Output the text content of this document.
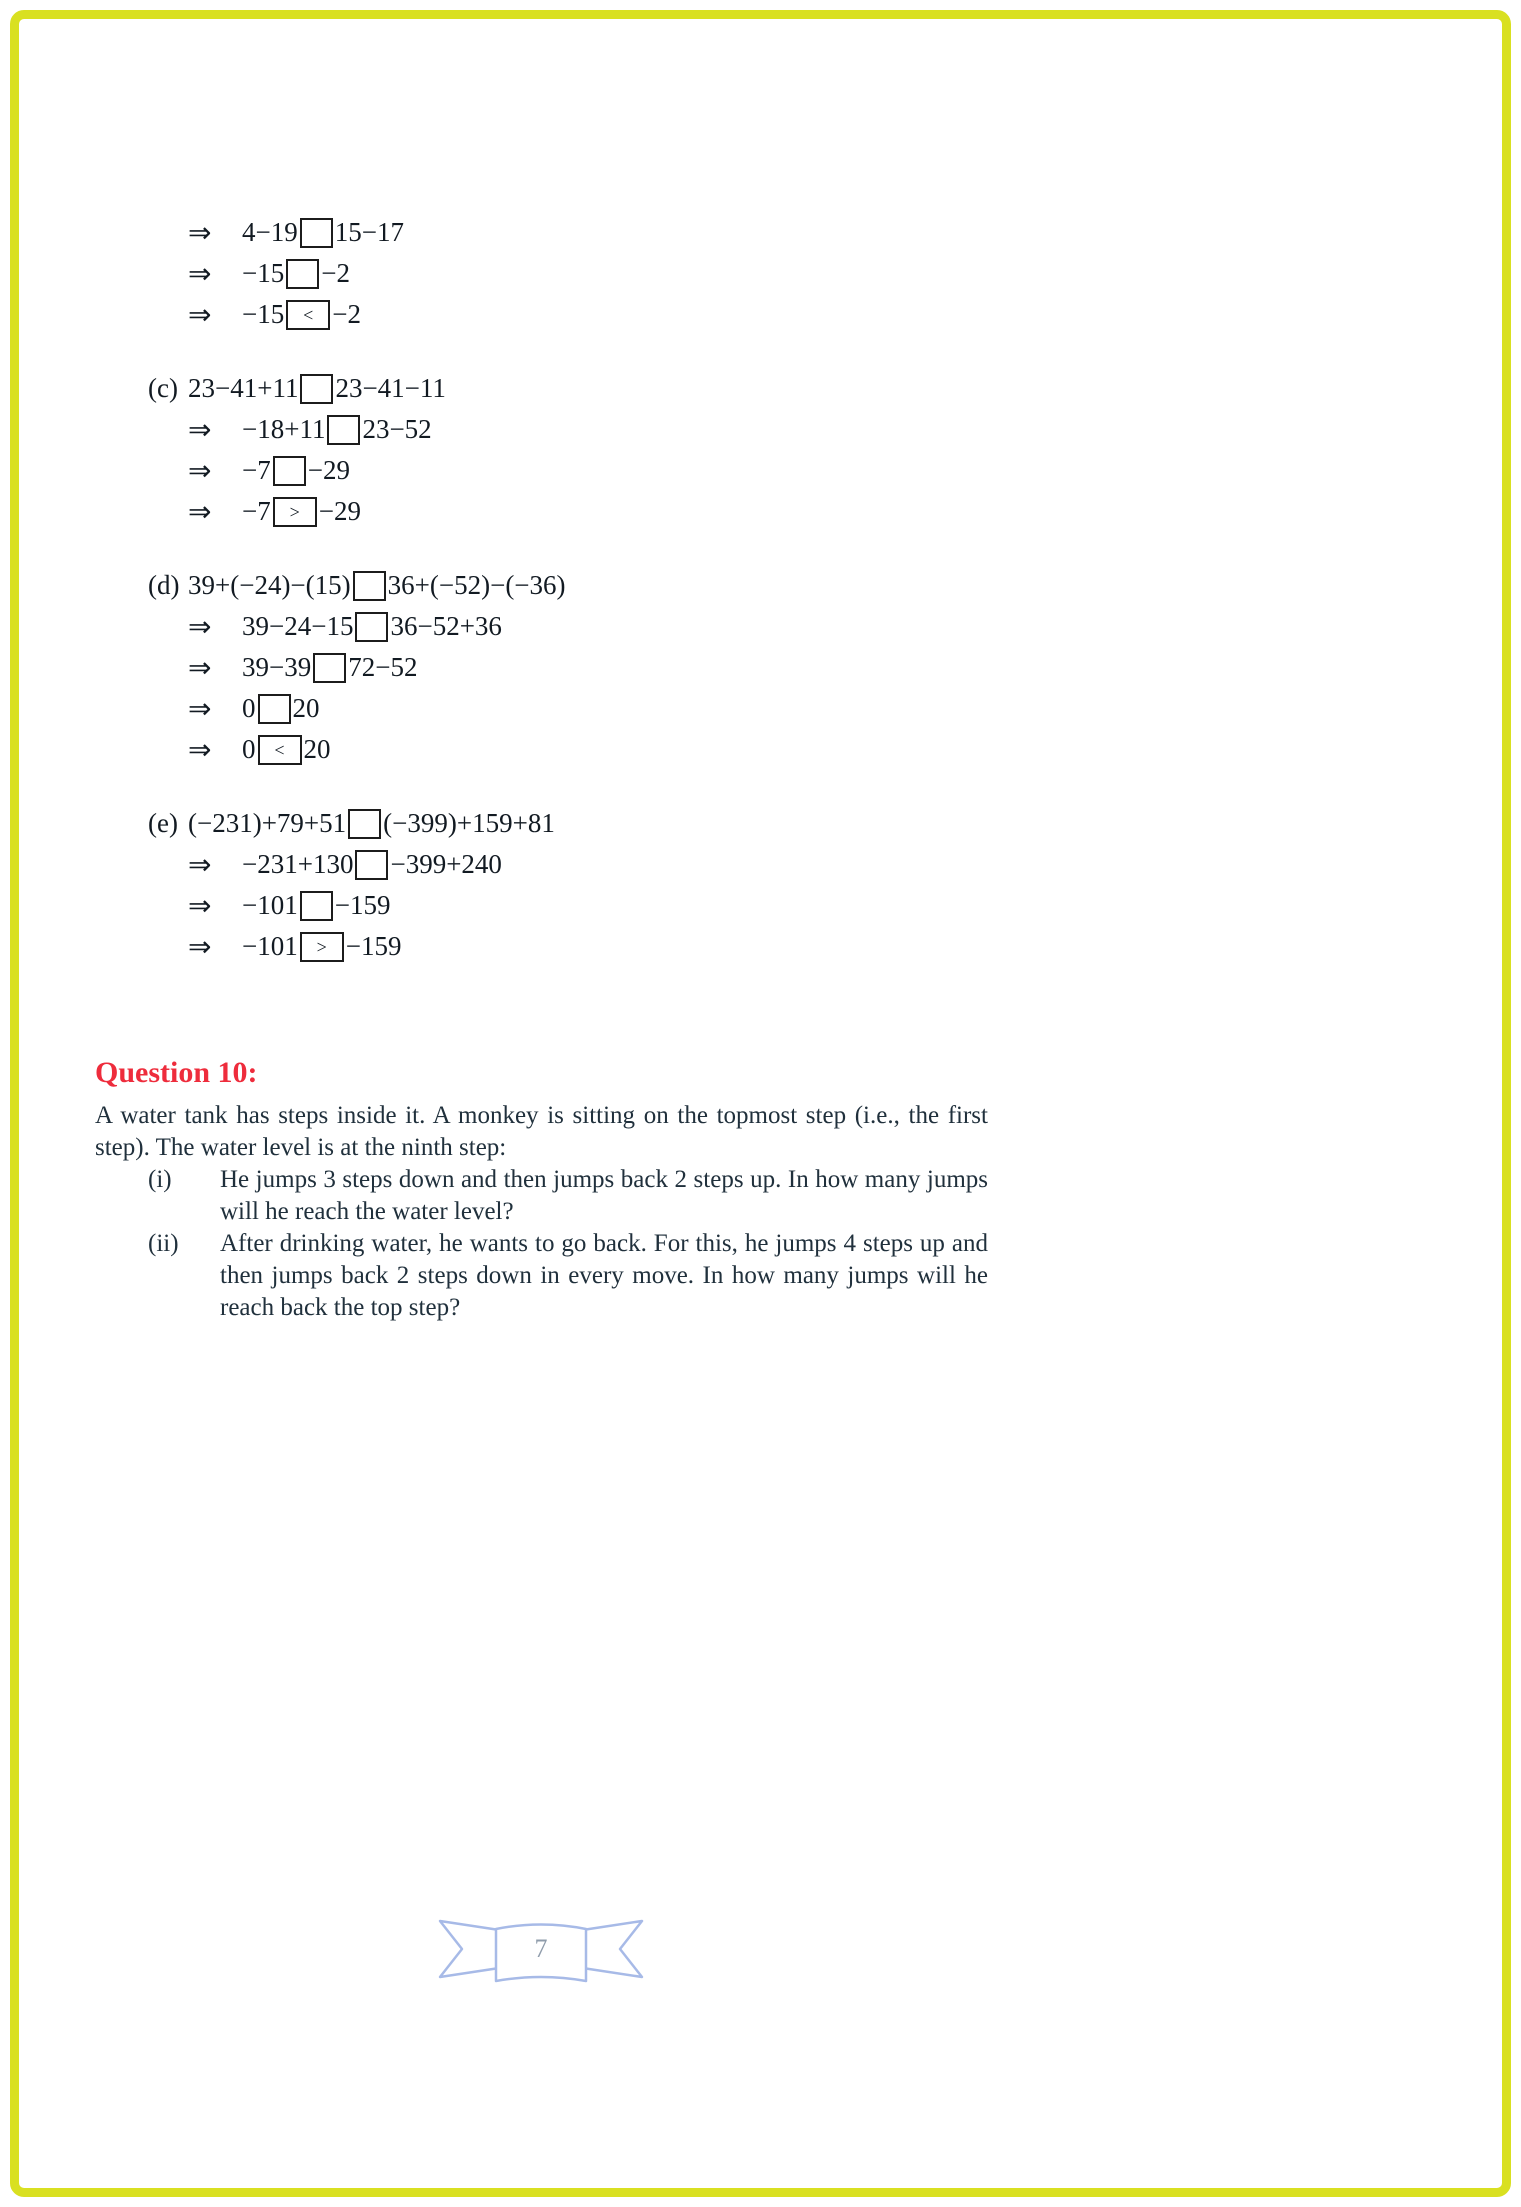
⇒	4−19 15−17
⇒	−15 −2
⇒	−15	< −2
(c) 23−41+11 23−41−11
⇒	−18+11 23−52
⇒	−7 −29
⇒	−7	> −29
(d) 39+(−24)−(15) 36+(−52)−(−36)
⇒	39−24−15 36−52+36
⇒	39−39 72−52
⇒	0 20
⇒	0	< 20
(e) (−231)+79+51 (−399)+159+81
⇒	−231+130 −399+240
⇒	−101 −159
⇒	−101	> −159
Question 10:

A water tank has steps inside it. A monkey is sitting on the topmost step (i.e., the first step). The water level is at the ninth step:

(i)	He jumps 3 steps down and then jumps back 2 steps up. In how many jumps will he reach the water level?
(ii)	After drinking water, he wants to go back. For this, he jumps 4 steps up and then jumps back 2 steps down in every move. In how many jumps will he reach back the top step?
7
